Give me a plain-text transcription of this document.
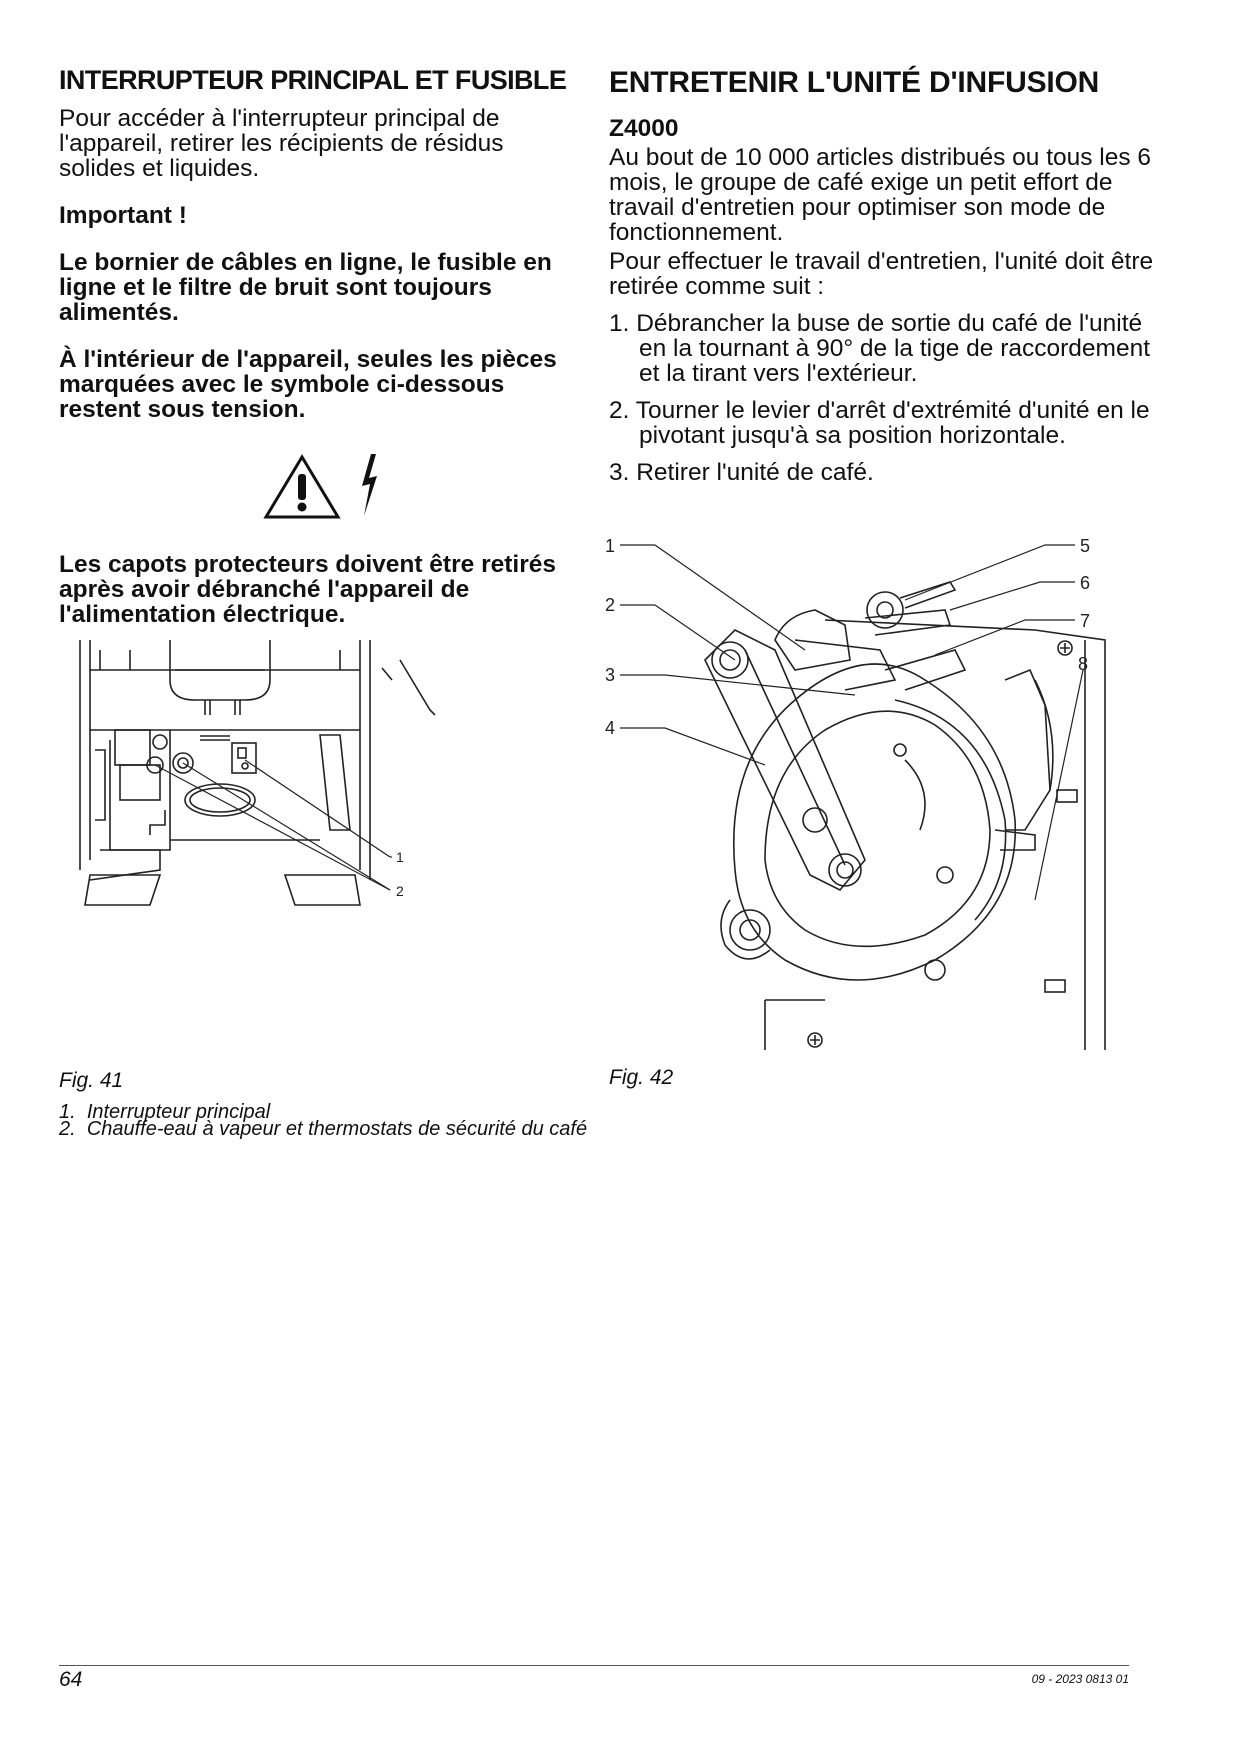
INTERRUPTEUR PRINCIPAL ET FUSIBLE

Pour accéder à l'interrupteur principal de l'appareil, retirer les récipients de résidus solides et liquides.

Important !

Le bornier de câbles en ligne, le fusible en ligne et le filtre de bruit sont toujours alimentés.

À l'intérieur de l'appareil, seules les pièces marquées avec le symbole ci-dessous restent sous tension.

Les capots protecteurs doivent être retirés après avoir débranché l'appareil de l'alimentation électrique.

1
2
Fig. 41
1. Interrupteur principal
2. Chauffe-eau à vapeur et thermostats de sécurité du café
ENTRETENIR L'UNITÉ D'INFUSION

Z4000

Au bout de 10 000 articles distribués ou tous les 6 mois, le groupe de café exige un petit effort de travail d'entretien pour optimiser son mode de fonctionnement.

Pour effectuer le travail d'entretien, l'unité doit être retirée comme suit :

1. Débrancher la buse de sortie du café de l'unité en la tournant à 90° de la tige de raccordement et la tirant vers l'extérieur.
2. Tourner le levier d'arrêt d'extrémité d'unité en le pivotant jusqu'à sa position horizontale.
3. Retirer l'unité de café.
1
2
3
4
5
6
7
8
Fig. 42
64	09 - 2023 0813 01
